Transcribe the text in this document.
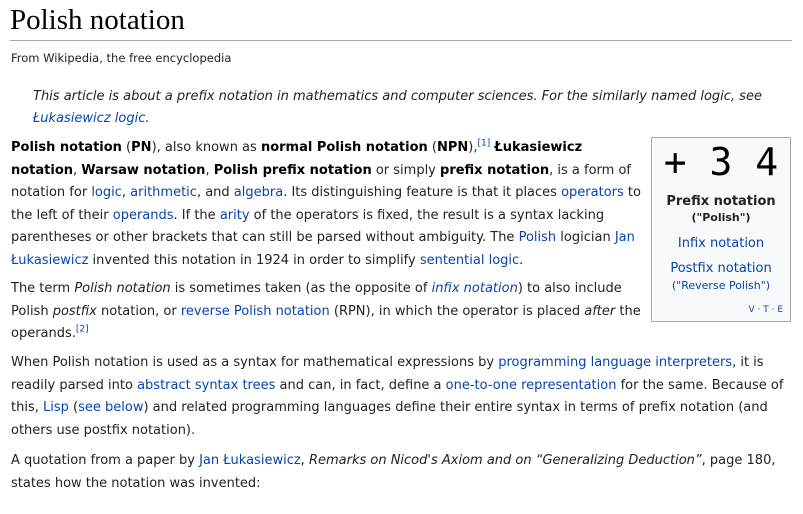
Polish notation
From Wikipedia, the free encyclopedia
This article is about a prefix notation in mathematics and computer sciences. For the similarly named logic, see Łukasiewicz logic.

Polish notation (PN), also known as normal Polish notation (NPN),[1] Łukasiewicz notation, Warsaw notation, Polish prefix notation or simply prefix notation, is a form of notation for logic, arithmetic, and algebra. Its distinguishing feature is that it places operators to the left of their operands. If the arity of the operators is fixed, the result is a syntax lacking parentheses or other brackets that can still be parsed without ambiguity. The Polish logician Jan Łukasiewicz invented this notation in 1924 in order to simplify sentential logic.

The term Polish notation is sometimes taken (as the opposite of infix notation) to also include Polish postfix notation, or reverse Polish notation (RPN), in which the operator is placed after the operands.[2]

When Polish notation is used as a syntax for mathematical expressions by programming language interpreters, it is readily parsed into abstract syntax trees and can, in fact, define a one-to-one representation for the same. Because of this, Lisp (see below) and related programming languages define their entire syntax in terms of prefix notation (and others use postfix notation).

A quotation from a paper by Jan Łukasiewicz, Remarks on Nicod's Axiom and on “Generalizing Deduction”, page 180, states how the notation was invented:

+ 3 4
Prefix notation
("Polish")
Infix notation
Postfix notation
("Reverse Polish")
V · T · E
